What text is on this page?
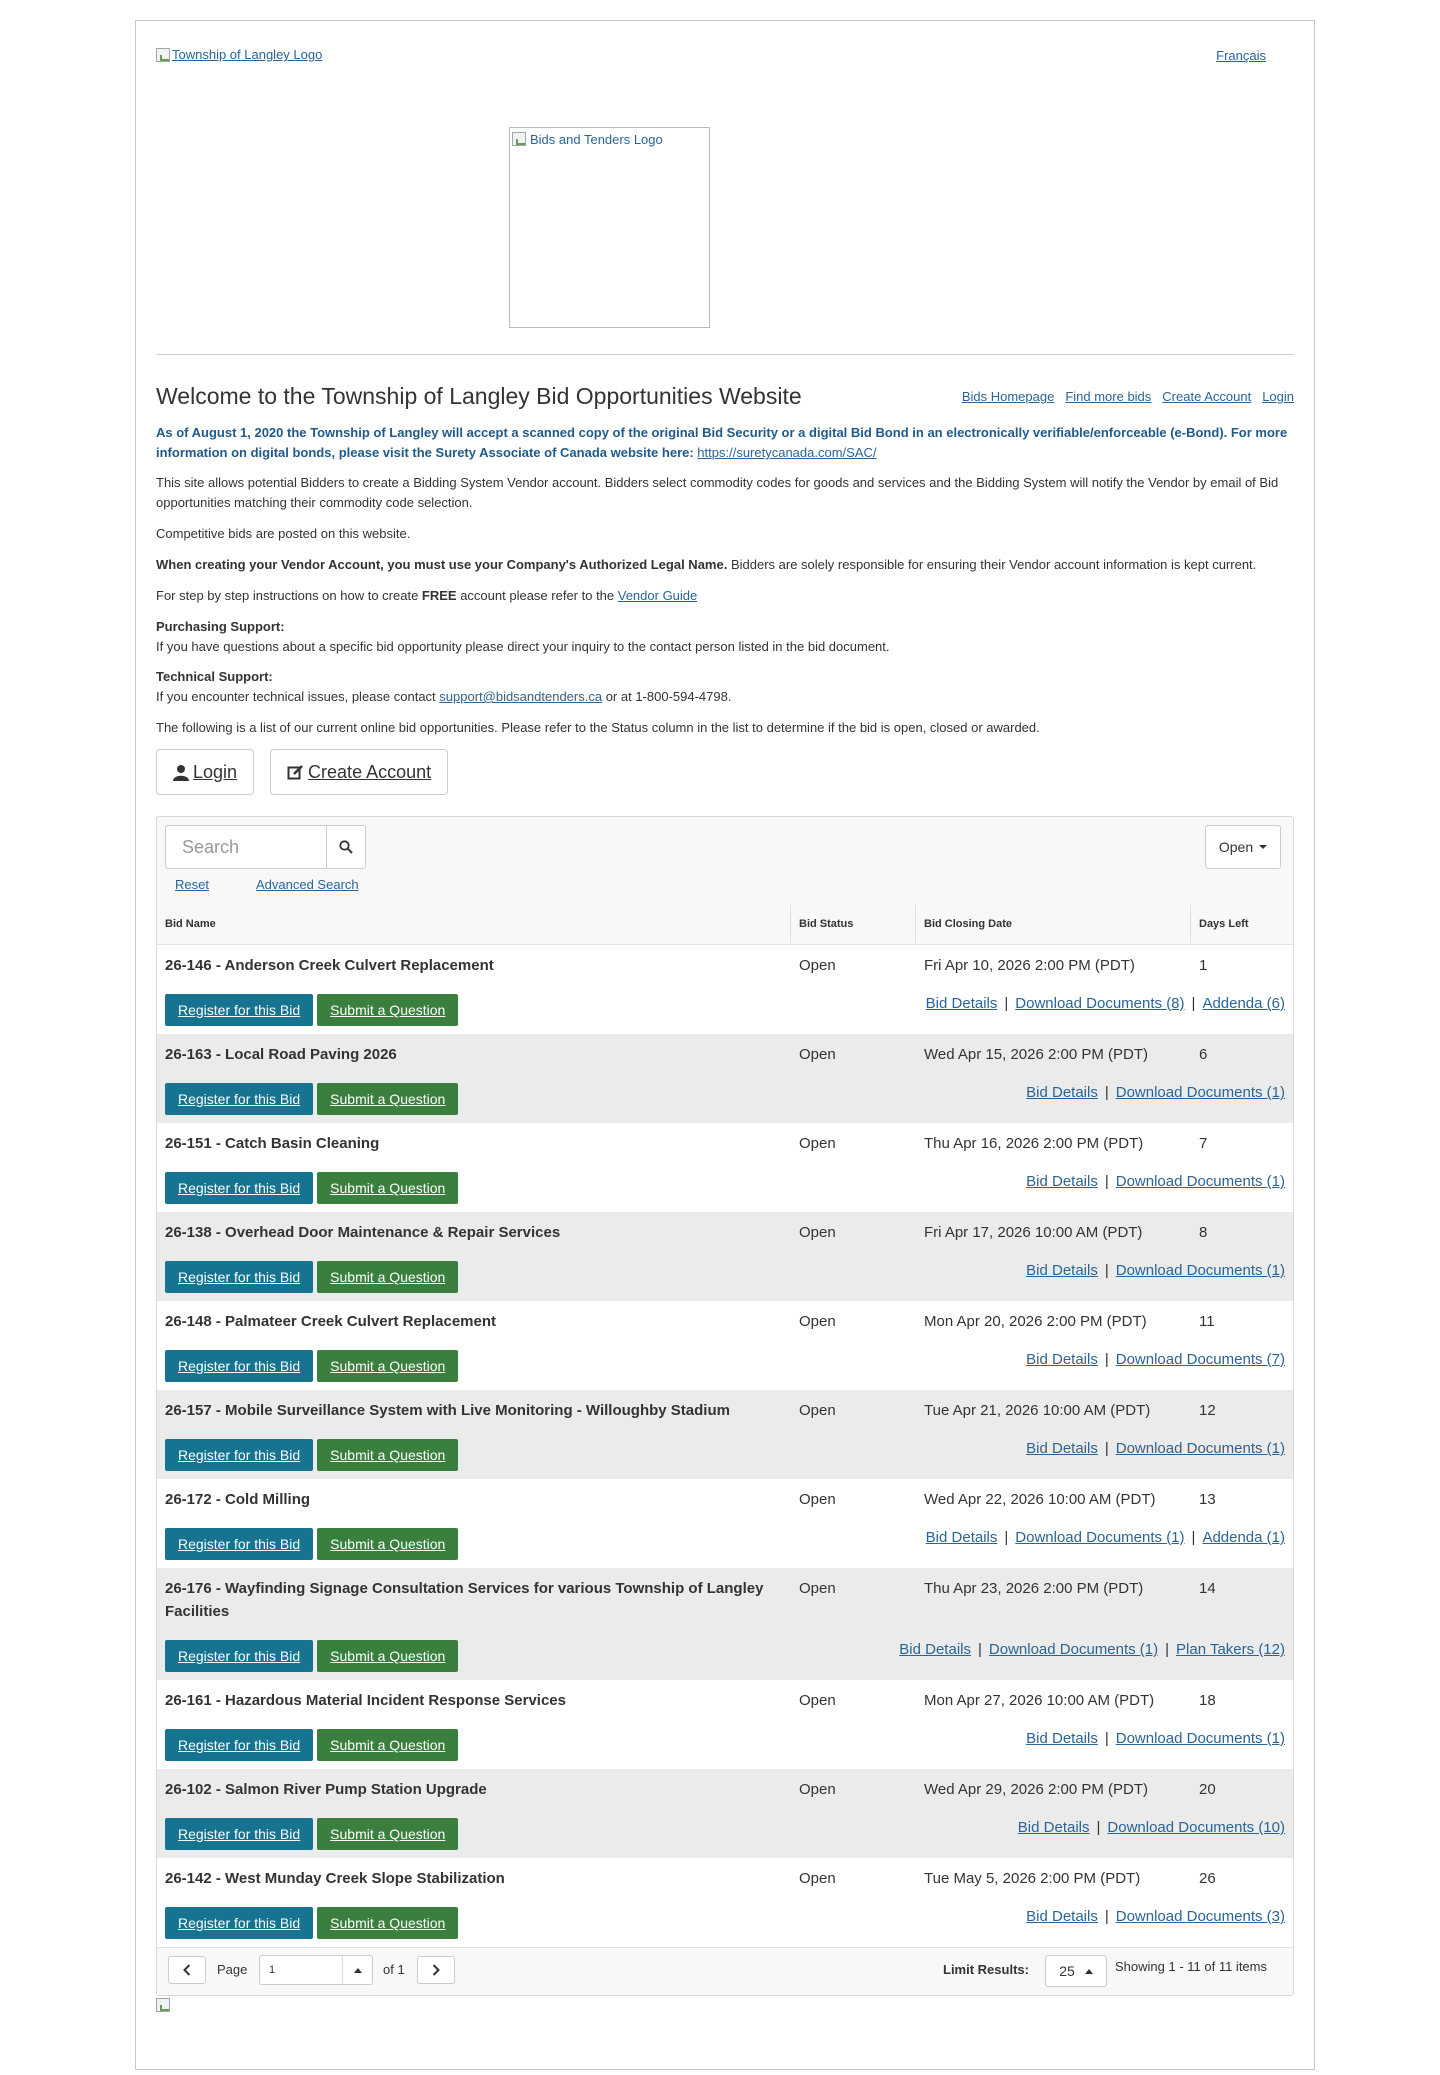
Township of Langley Logo	Français
Bids and Tenders Logo
Welcome to the Township of Langley Bid Opportunities Website	Bids Homepage Find more bids Create Account Login

As of August 1, 2020 the Township of Langley will accept a scanned copy of the original Bid Security or a digital Bid Bond in an electronically verifiable/enforceable (e-Bond). For more information on digital bonds, please visit the Surety Associate of Canada website here: https://suretycanada.com/SAC/

This site allows potential Bidders to create a Bidding System Vendor account. Bidders select commodity codes for goods and services and the Bidding System will notify the Vendor by email of Bid opportunities matching their commodity code selection.

Competitive bids are posted on this website.

When creating your Vendor Account, you must use your Company's Authorized Legal Name. Bidders are solely responsible for ensuring their Vendor account information is kept current.

For step by step instructions on how to create FREE account please refer to the Vendor Guide

Purchasing Support:
If you have questions about a specific bid opportunity please direct your inquiry to the contact person listed in the bid document.

Technical Support:
If you encounter technical issues, please contact support@bidsandtenders.ca or at 1-800-594-4798.

The following is a list of our current online bid opportunities. Please refer to the Status column in the list to determine if the bid is open, closed or awarded.

Login	Create Account
Search
Reset	Advanced Search
Open
Bid Name	Bid Status	Bid Closing Date	Days Left
26-146 - Anderson Creek Culvert Replacement	Open	Fri Apr 10, 2026 2:00 PM (PDT)	1
Register for this Bid	Submit a Question	Bid Details | Download Documents (8) | Addenda (6)
26-163 - Local Road Paving 2026	Open	Wed Apr 15, 2026 2:00 PM (PDT)	6
Register for this Bid	Submit a Question	Bid Details | Download Documents (1)
26-151 - Catch Basin Cleaning	Open	Thu Apr 16, 2026 2:00 PM (PDT)	7
Register for this Bid	Submit a Question	Bid Details | Download Documents (1)
26-138 - Overhead Door Maintenance & Repair Services	Open	Fri Apr 17, 2026 10:00 AM (PDT)	8
Register for this Bid	Submit a Question	Bid Details | Download Documents (1)
26-148 - Palmateer Creek Culvert Replacement	Open	Mon Apr 20, 2026 2:00 PM (PDT)	11
Register for this Bid	Submit a Question	Bid Details | Download Documents (7)
26-157 - Mobile Surveillance System with Live Monitoring - Willoughby Stadium	Open	Tue Apr 21, 2026 10:00 AM (PDT)	12
Register for this Bid	Submit a Question	Bid Details | Download Documents (1)
26-172 - Cold Milling	Open	Wed Apr 22, 2026 10:00 AM (PDT)	13
Register for this Bid	Submit a Question	Bid Details | Download Documents (1) | Addenda (1)
26-176 - Wayfinding Signage Consultation Services for various Township of Langley Facilities
Open	Thu Apr 23, 2026 2:00 PM (PDT)	14
Register for this Bid	Submit a Question	Bid Details | Download Documents (1) | Plan Takers (12)
26-161 - Hazardous Material Incident Response Services	Open	Mon Apr 27, 2026 10:00 AM (PDT)	18
Register for this Bid	Submit a Question	Bid Details | Download Documents (1)
26-102 - Salmon River Pump Station Upgrade	Open	Wed Apr 29, 2026 2:00 PM (PDT)	20
Register for this Bid	Submit a Question	Bid Details | Download Documents (10)
26-142 - West Munday Creek Slope Stabilization	Open	Tue May 5, 2026 2:00 PM (PDT)	26
Register for this Bid	Submit a Question	Bid Details | Download Documents (3)
Page 1	of 1	Limit Results: 25	Showing 1 - 11 of 11 items
